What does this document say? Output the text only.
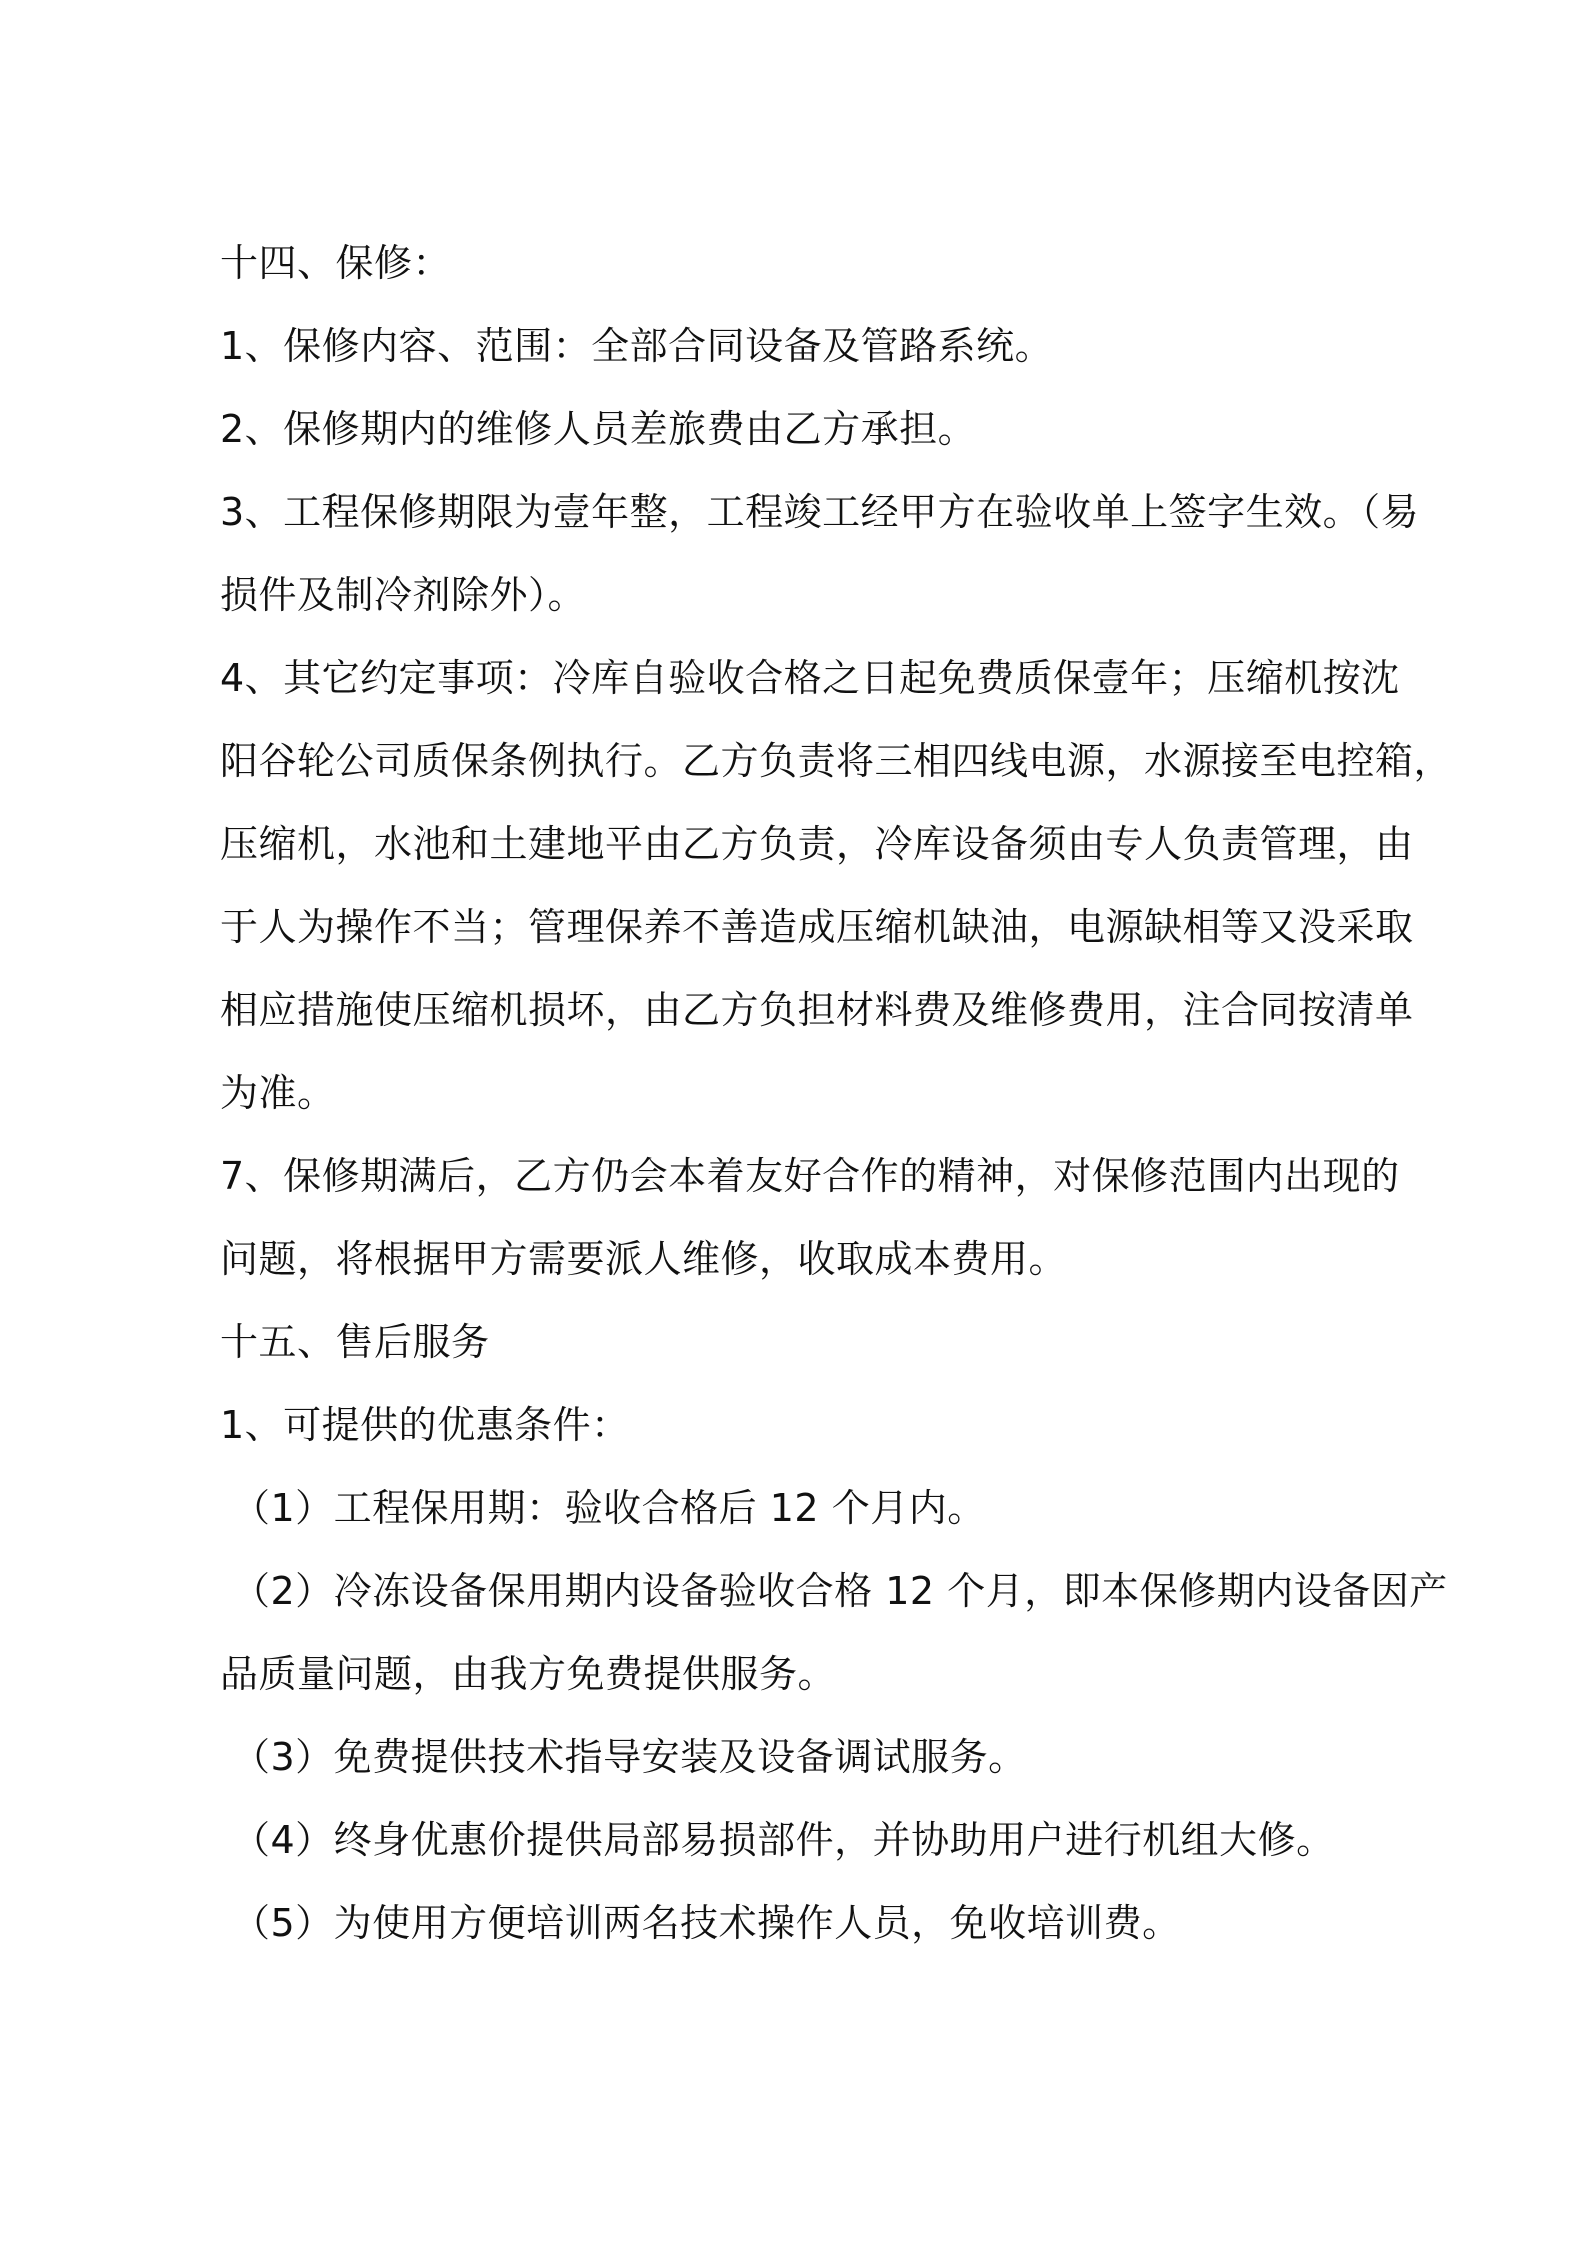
十四、保修：
1、保修内容、范围：全部合同设备及管路系统。
2、保修期内的维修人员差旅费由乙方承担。
3、工程保修期限为壹年整，工程竣工经甲方在验收单上签字生效。（易
损件及制冷剂除外）。
4、其它约定事项：冷库自验收合格之日起免费质保壹年；压缩机按沈
阳谷轮公司质保条例执行。乙方负责将三相四线电源，水源接至电控箱，
压缩机，水池和土建地平由乙方负责，冷库设备须由专人负责管理，由
于人为操作不当；管理保养不善造成压缩机缺油，电源缺相等又没采取
相应措施使压缩机损坏，由乙方负担材料费及维修费用，注合同按清单
为准。
7、保修期满后，乙方仍会本着友好合作的精神，对保修范围内出现的
问题，将根据甲方需要派人维修，收取成本费用。
十五、售后服务
1、可提供的优惠条件：
（1）工程保用期：验收合格后 12 个月内。
（2）冷冻设备保用期内设备验收合格 12 个月，即本保修期内设备因产
品质量问题，由我方免费提供服务。
（3）免费提供技术指导安装及设备调试服务。
（4）终身优惠价提供局部易损部件，并协助用户进行机组大修。
（5）为使用方便培训两名技术操作人员，免收培训费。
